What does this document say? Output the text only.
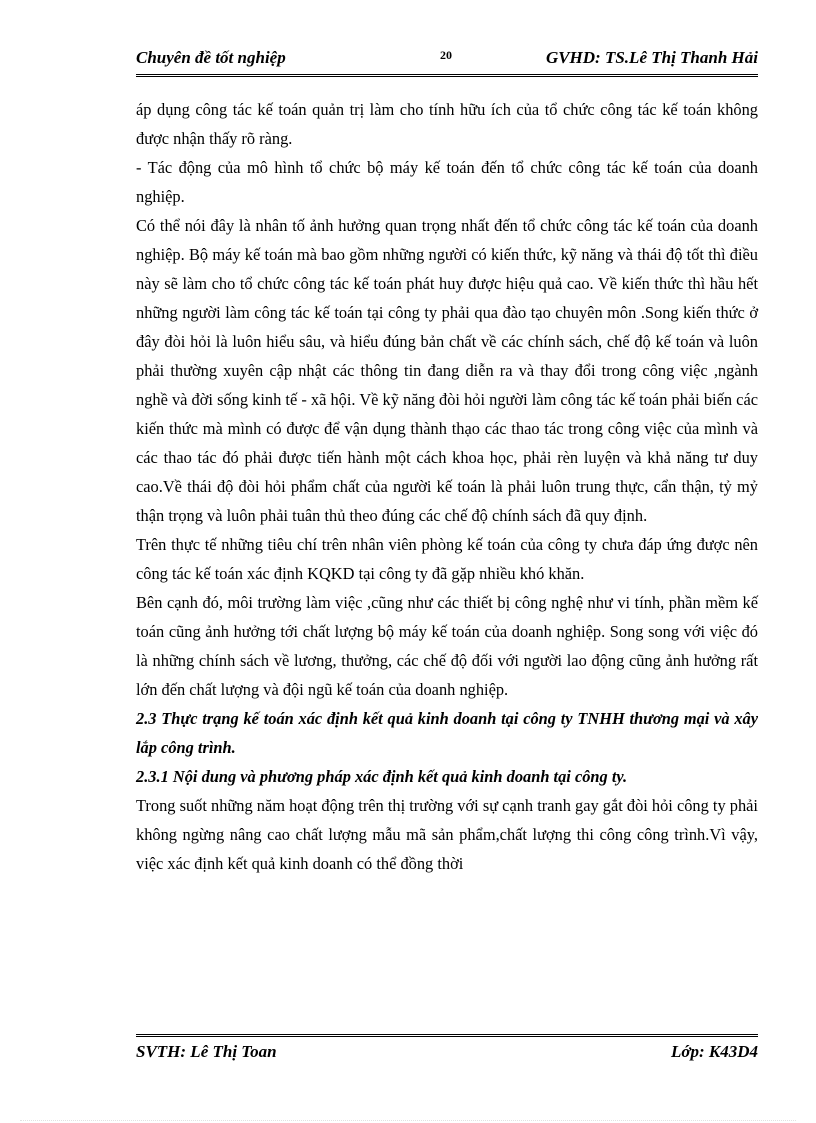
Chuyên đề tốt nghiệp	20	GVHD: TS.Lê Thị Thanh Hải

áp dụng công tác kế toán quản trị làm cho tính hữu ích của tổ chức công tác kế toán không được nhận thấy rõ ràng.

- Tác động của mô hình tổ chức bộ máy kế toán đến tổ chức công tác kế toán của doanh nghiệp.

Có thể nói đây là nhân tố ảnh hưởng quan trọng nhất đến tổ chức công tác kế toán của doanh nghiệp. Bộ máy kế toán mà bao gồm những người có kiến thức, kỹ năng và thái độ tốt thì điều này sẽ làm cho tổ chức công tác kế toán phát huy được hiệu quả cao. Về kiến thức thì hầu hết những người làm công tác kế toán tại công ty phải qua đào tạo chuyên môn .Song kiến thức ở đây đòi hỏi là luôn hiểu sâu, và hiểu đúng bản chất về các chính sách, chế độ kế toán và luôn phải thường xuyên cập nhật các thông tin đang diễn ra và thay đổi trong công việc ,ngành nghề và đời sống kinh tế - xã hội. Về kỹ năng đòi hỏi người làm công tác kế toán phải biến các kiến thức mà mình có được để vận dụng thành thạo các thao tác trong công việc của mình và các thao tác đó phải được tiến hành một cách khoa học, phải rèn luyện và khả năng tư duy cao.Về thái độ đòi hỏi phẩm chất của người kế toán là phải luôn trung thực, cẩn thận, tỷ mỷ thận trọng và luôn phải tuân thủ theo đúng các chế độ chính sách đã quy định.

Trên thực tế những tiêu chí trên nhân viên phòng kế toán của công ty chưa đáp ứng được nên công tác kế toán xác định KQKD tại công ty đã gặp nhiều khó khăn.

Bên cạnh đó, môi trường làm việc ,cũng như các thiết bị công nghệ như vi tính, phần mềm kế toán cũng ảnh hưởng tới chất lượng bộ máy kế toán của doanh nghiệp. Song song với việc đó là những chính sách về lương, thưởng, các chế độ đối với người lao động cũng ảnh hưởng rất lớn đến chất lượng và đội ngũ kế toán của doanh nghiệp.

2.3 Thực trạng kế toán xác định kết quả kinh doanh tại công ty TNHH thương mại và xây lắp công trình.

2.3.1 Nội dung và phương pháp xác định kết quả kinh doanh tại công ty.

Trong suốt những năm hoạt động trên thị trường với sự cạnh tranh gay gắt đòi hỏi công ty phải không ngừng nâng cao chất lượng mẫu mã sản phẩm,chất lượng thi công công trình.Vì vậy, việc xác định kết quả kinh doanh có thể đồng thời

SVTH: Lê Thị Toan	Lớp: K43D4
